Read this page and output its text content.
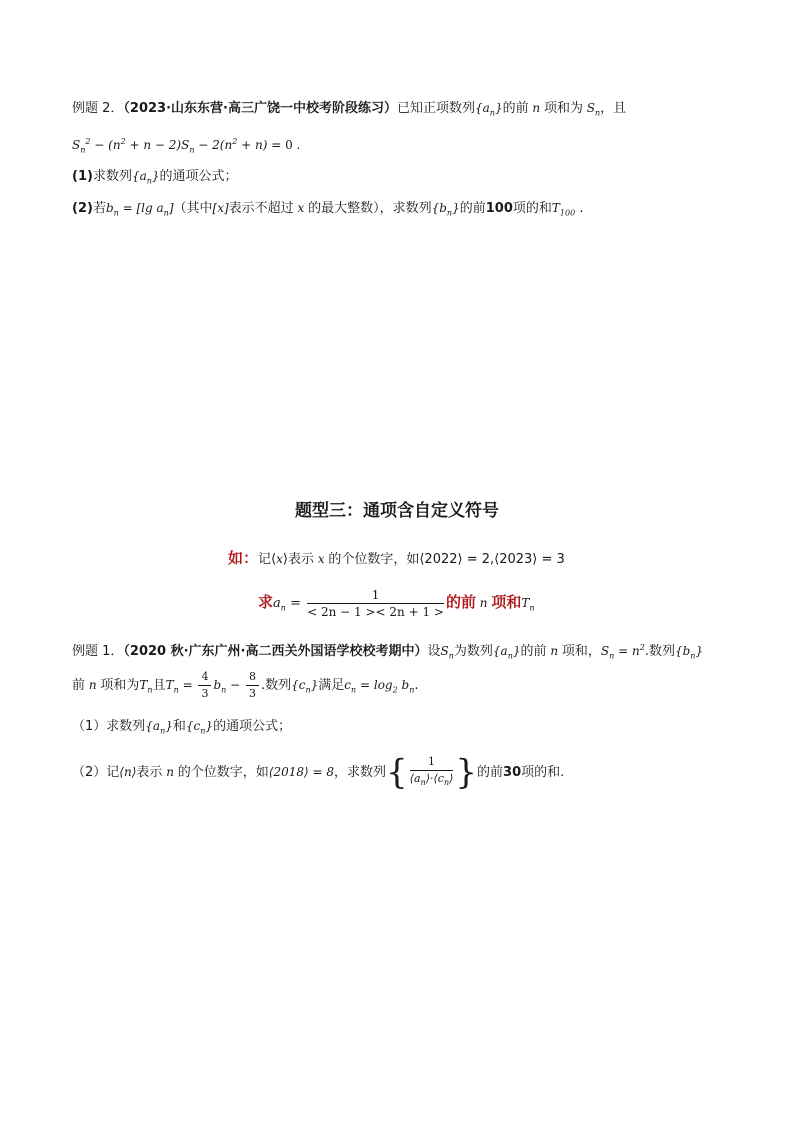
例题 2．（2023·山东东营·高三广饶一中校考阶段练习）已知正项数列$\{a_n\}$的前 n 项和为 $S_n$，且
$S_n^2 - (n^2 + n - 2)S_n - 2(n^2 + n) = 0$ .
(1)求数列$\{a_n\}$的通项公式；
(2)若$b_n = [\lg$ $a_n$]（其中[x]表示不超过 x 的最大整数），求数列$\{b_n\}$的前100项的和$T_{100}$ .
题型三：通项含自定义符号
如：记⟨x⟩表示 x 的个位数字，如⟨2022⟩ = 2,⟨2023⟩ = 3
求$a_n = \frac{1}{< 2n - 1 >< 2n + 1 >}$ 的前 n 项和$T_n$
例题 1．（2020 秋·广东广州·高二西关外国语学校校考期中）设$S_n$为数列$\{a_n\}$的前 n 项和，$S_n = n^2$.数列$\{b_n\}$
前 n 项和为$T_n$且$T_n = \frac{4}{3} b_n - \frac{8}{3}$ .数列$\{c_n\}$满足$c_n = \log_2 b_n$.
（1）求数列$\{a_n\}$和$\{c_n\}$的通项公式；
（2）记⟨n⟩表示 n 的个位数字，如⟨2018⟩ = 8，求数列{ $\frac{1}{⟨a_n⟩\cdot⟨c_n⟩}$ }的前30项的和.
